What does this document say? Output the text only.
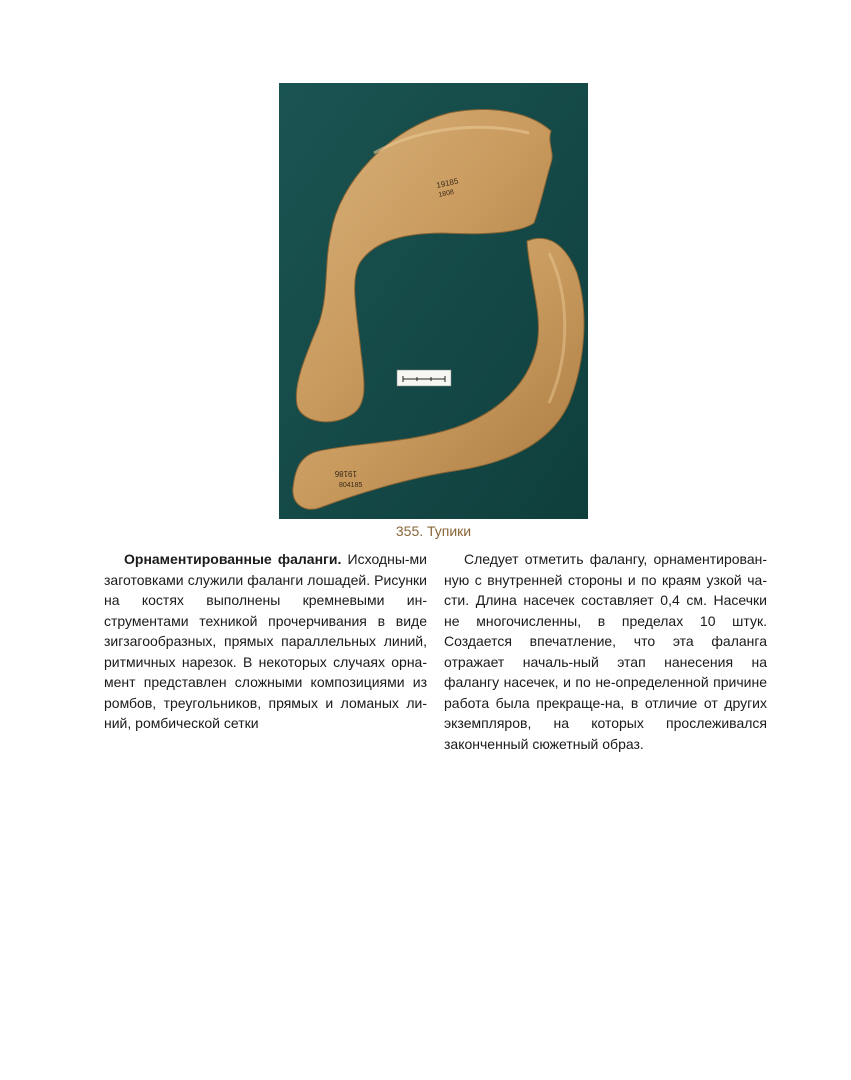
19185
1808
19186
804185
355. Тупики

Орнаментированные фаланги. Исходны-ми заготовками служили фаланги лошадей. Рисунки на костях выполнены кремневыми ин-струментами техникой прочерчивания в виде зигзагообразных, прямых параллельных линий, ритмичных нарезок. В некоторых случаях орна-мент представлен сложными композициями из ромбов, треугольников, прямых и ломаных ли-ний, ромбической сетки

Следует отметить фалангу, орнаментирован-ную с внутренней стороны и по краям узкой ча-сти. Длина насечек составляет 0,4 см. Насечки не многочисленны, в пределах 10 штук. Создается впечатление, что эта фаланга отражает началь-ный этап нанесения на фалангу насечек, и по не-определенной причине работа была прекраще-на, в отличие от других экземпляров, на которых прослеживался законченный сюжетный образ.
